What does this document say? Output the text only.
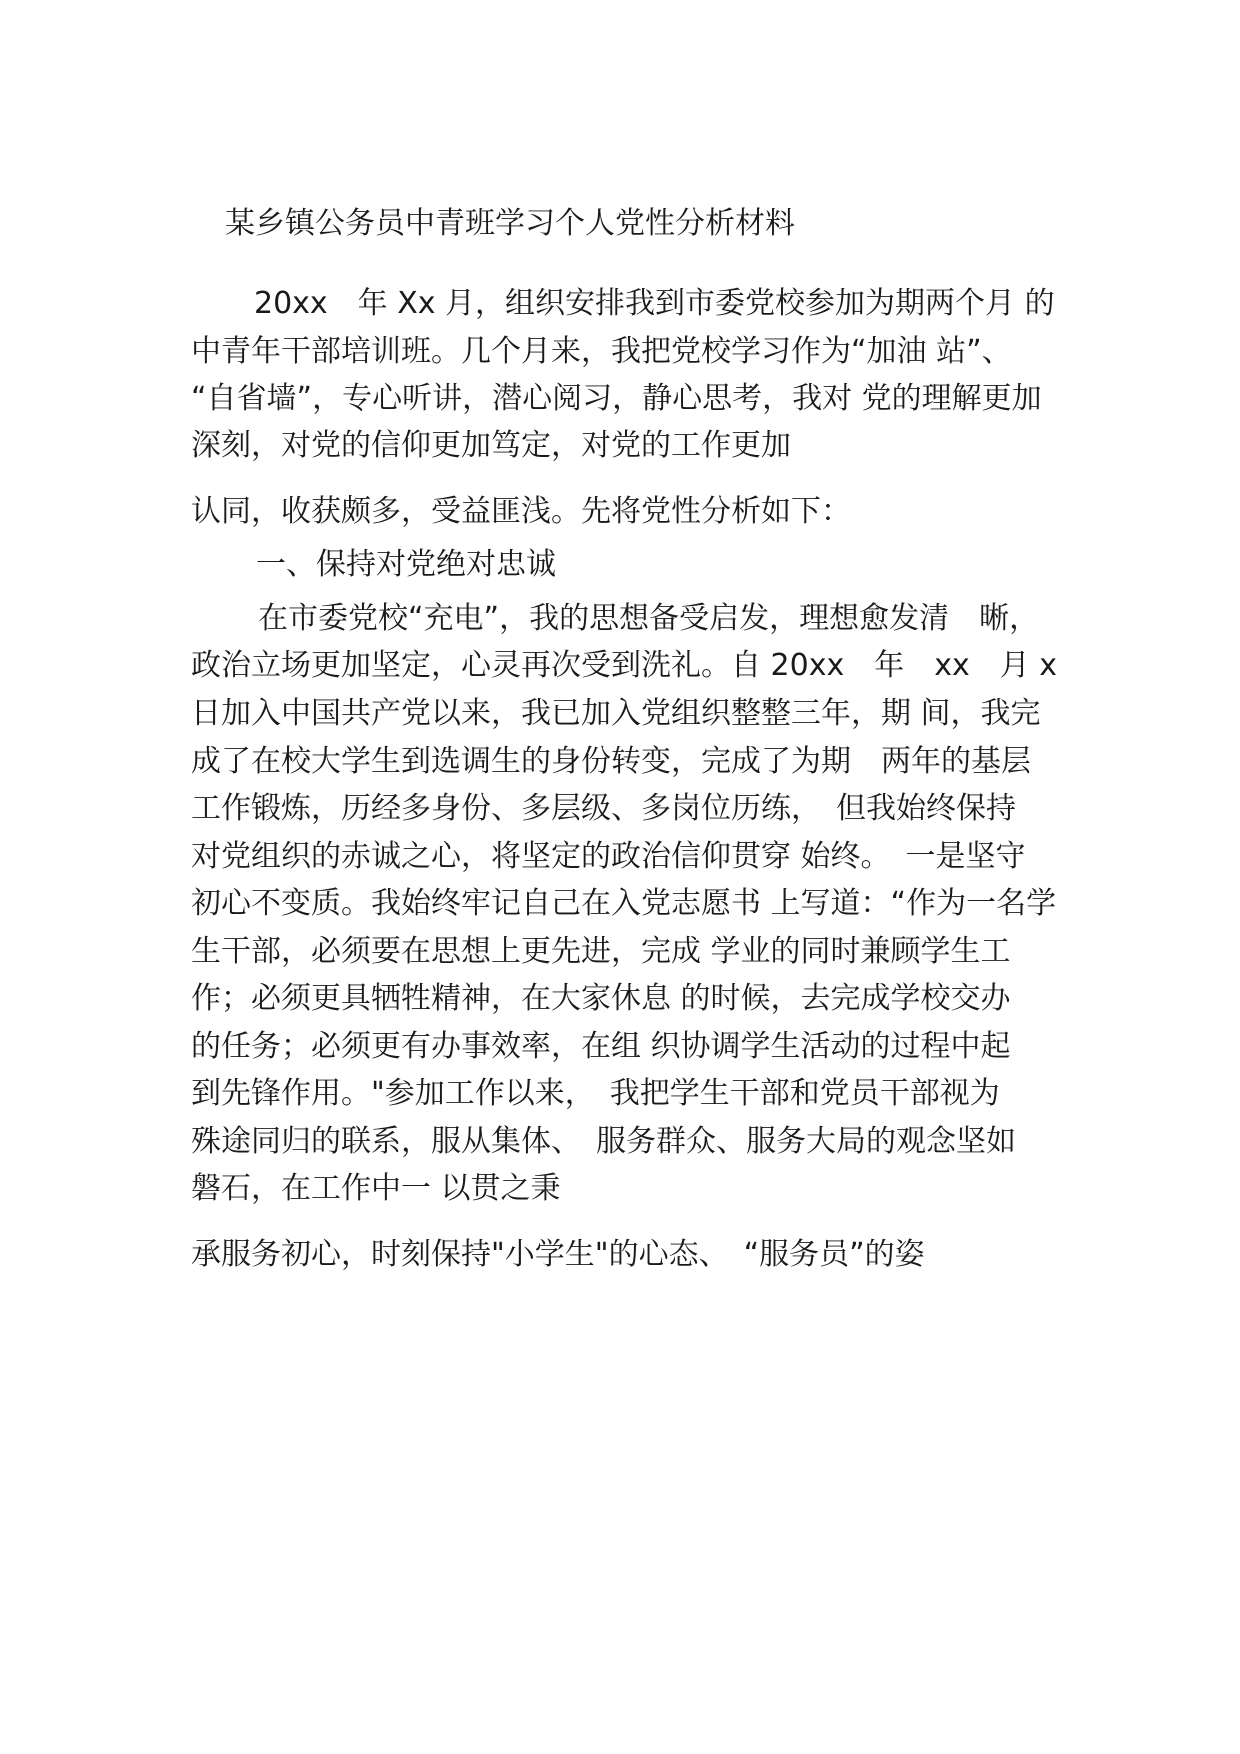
某乡镇公务员中青班学习个人党性分析材料
20xx　年 Xx 月，组织安排我到市委党校参加为期两个月 的
中青年干部培训班。几个月来，我把党校学习作为“加油 站”、
“自省墙”，专心听讲，潜心阅习，静心思考，我对 党的理解更加
深刻，对党的信仰更加笃定，对党的工作更加
认同，收获颇多，受益匪浅。先将党性分析如下：
一、保持对党绝对忠诚
在市委党校“充电”，我的思想备受启发，理想愈发清　晰，
政治立场更加坚定，心灵再次受到洗礼。自 20xx　年　xx　月 x
日加入中国共产党以来，我已加入党组织整整三年，期 间，我完
成了在校大学生到选调生的身份转变，完成了为期　两年的基层
工作锻炼，历经多身份、多层级、多岗位历练，　但我始终保持
对党组织的赤诚之心，将坚定的政治信仰贯穿 始终。　一是坚守
初心不变质。我始终牢记自己在入党志愿书 上写道：“作为一名学
生干部，必须要在思想上更先进，完成 学业的同时兼顾学生工
作；必须更具牺牲精神，在大家休息 的时候，去完成学校交办
的任务；必须更有办事效率，在组 织协调学生活动的过程中起
到先锋作用。"参加工作以来，　我把学生干部和党员干部视为
殊途同归的联系，服从集体、　服务群众、服务大局的观念坚如
磐石，在工作中一 以贯之秉
承服务初心，时刻保持"小学生"的心态、　“服务员”的姿
